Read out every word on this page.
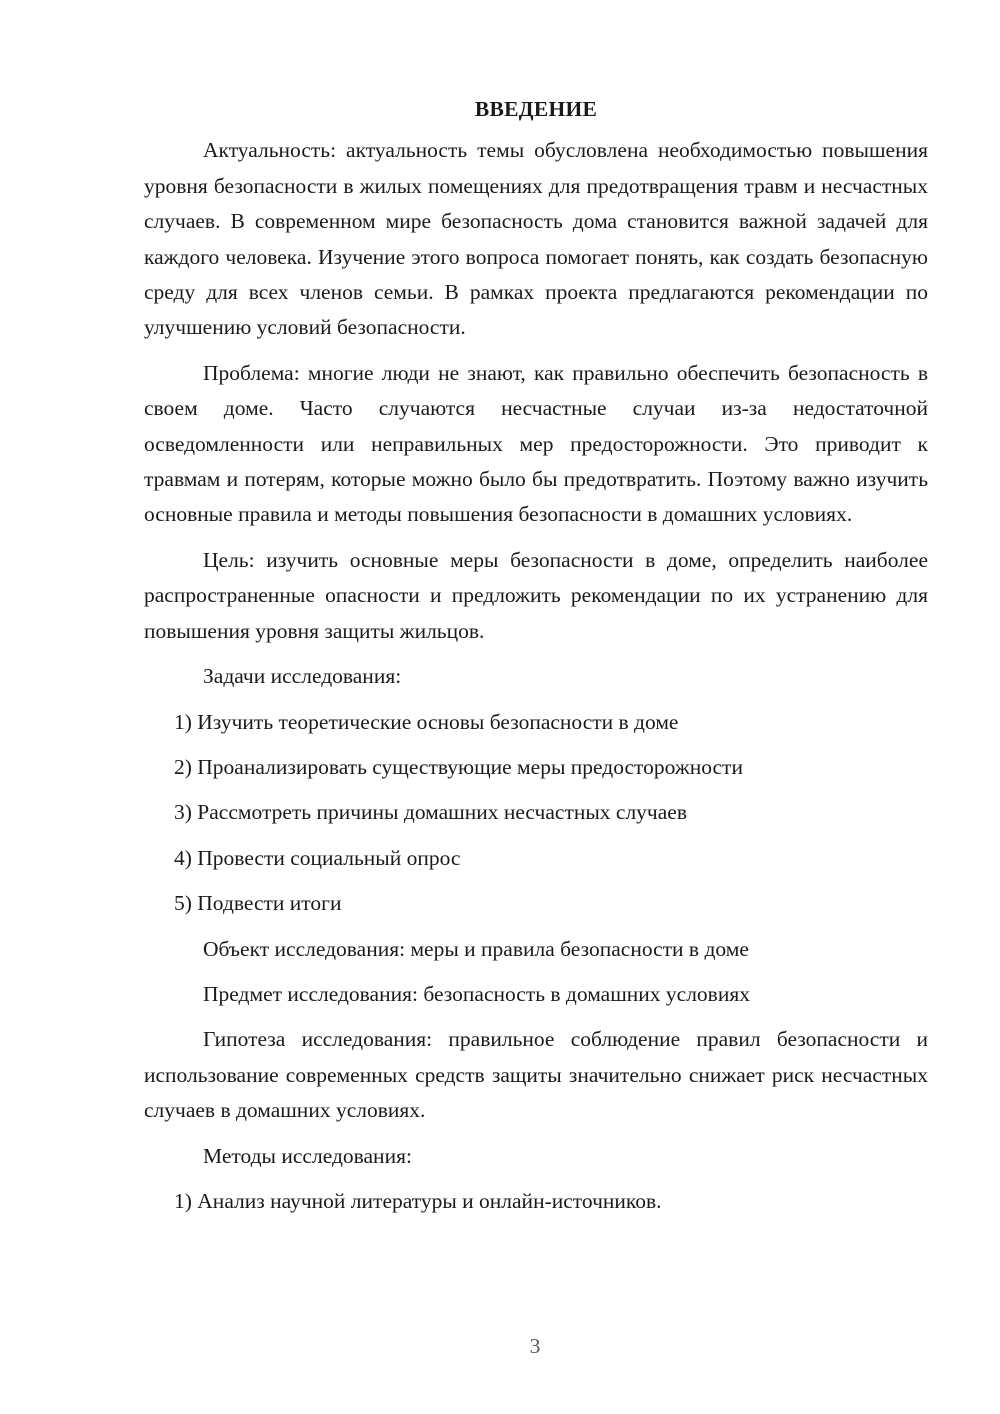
ВВЕДЕНИЕ

Актуальность: актуальность темы обусловлена необходимостью повышения уровня безопасности в жилых помещениях для предотвращения травм и несчастных случаев. В современном мире безопасность дома становится важной задачей для каждого человека. Изучение этого вопроса помогает понять, как создать безопасную среду для всех членов семьи. В рамках проекта предлагаются рекомендации по улучшению условий безопасности.

Проблема: многие люди не знают, как правильно обеспечить безопасность в своем доме. Часто случаются несчастные случаи из-за недостаточной осведомленности или неправильных мер предосторожности. Это приводит к травмам и потерям, которые можно было бы предотвратить. Поэтому важно изучить основные правила и методы повышения безопасности в домашних условиях.

Цель: изучить основные меры безопасности в доме, определить наиболее распространенные опасности и предложить рекомендации по их устранению для повышения уровня защиты жильцов.

Задачи исследования:

1) Изучить теоретические основы безопасности в доме

2) Проанализировать существующие меры предосторожности

3) Рассмотреть причины домашних несчастных случаев

4) Провести социальный опрос

5) Подвести итоги

Объект исследования: меры и правила безопасности в доме

Предмет исследования: безопасность в домашних условиях

Гипотеза исследования: правильное соблюдение правил безопасности и использование современных средств защиты значительно снижает риск несчастных случаев в домашних условиях.

Методы исследования:

1) Анализ научной литературы и онлайн-источников.

3
